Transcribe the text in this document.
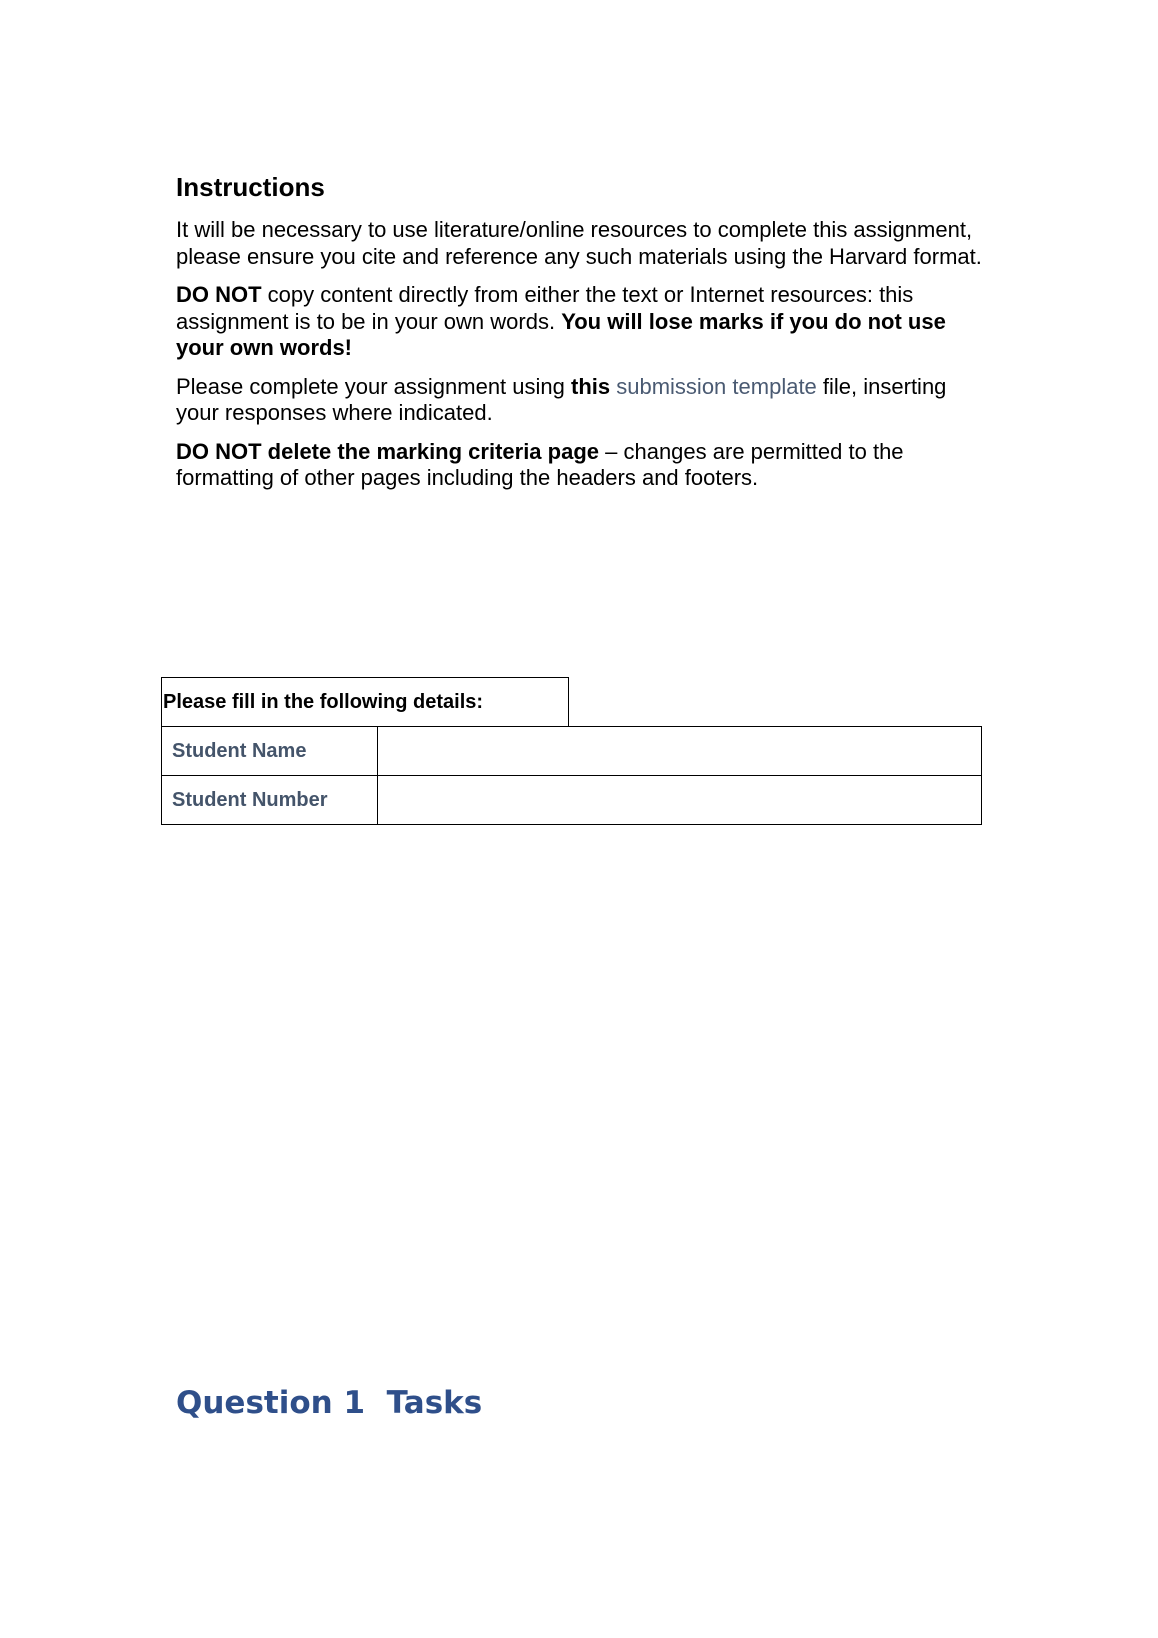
Instructions

It will be necessary to use literature/online resources to complete this assignment, please ensure you cite and reference any such materials using the Harvard format.

DO NOT copy content directly from either the text or Internet resources: this assignment is to be in your own words. You will lose marks if you do not use your own words!

Please complete your assignment using this submission template file, inserting your responses where indicated.

DO NOT delete the marking criteria page – changes are permitted to the formatting of other pages including the headers and footers.

Please fill in the following details:		
Student Name		
Student Number		
Question 1  Tasks
